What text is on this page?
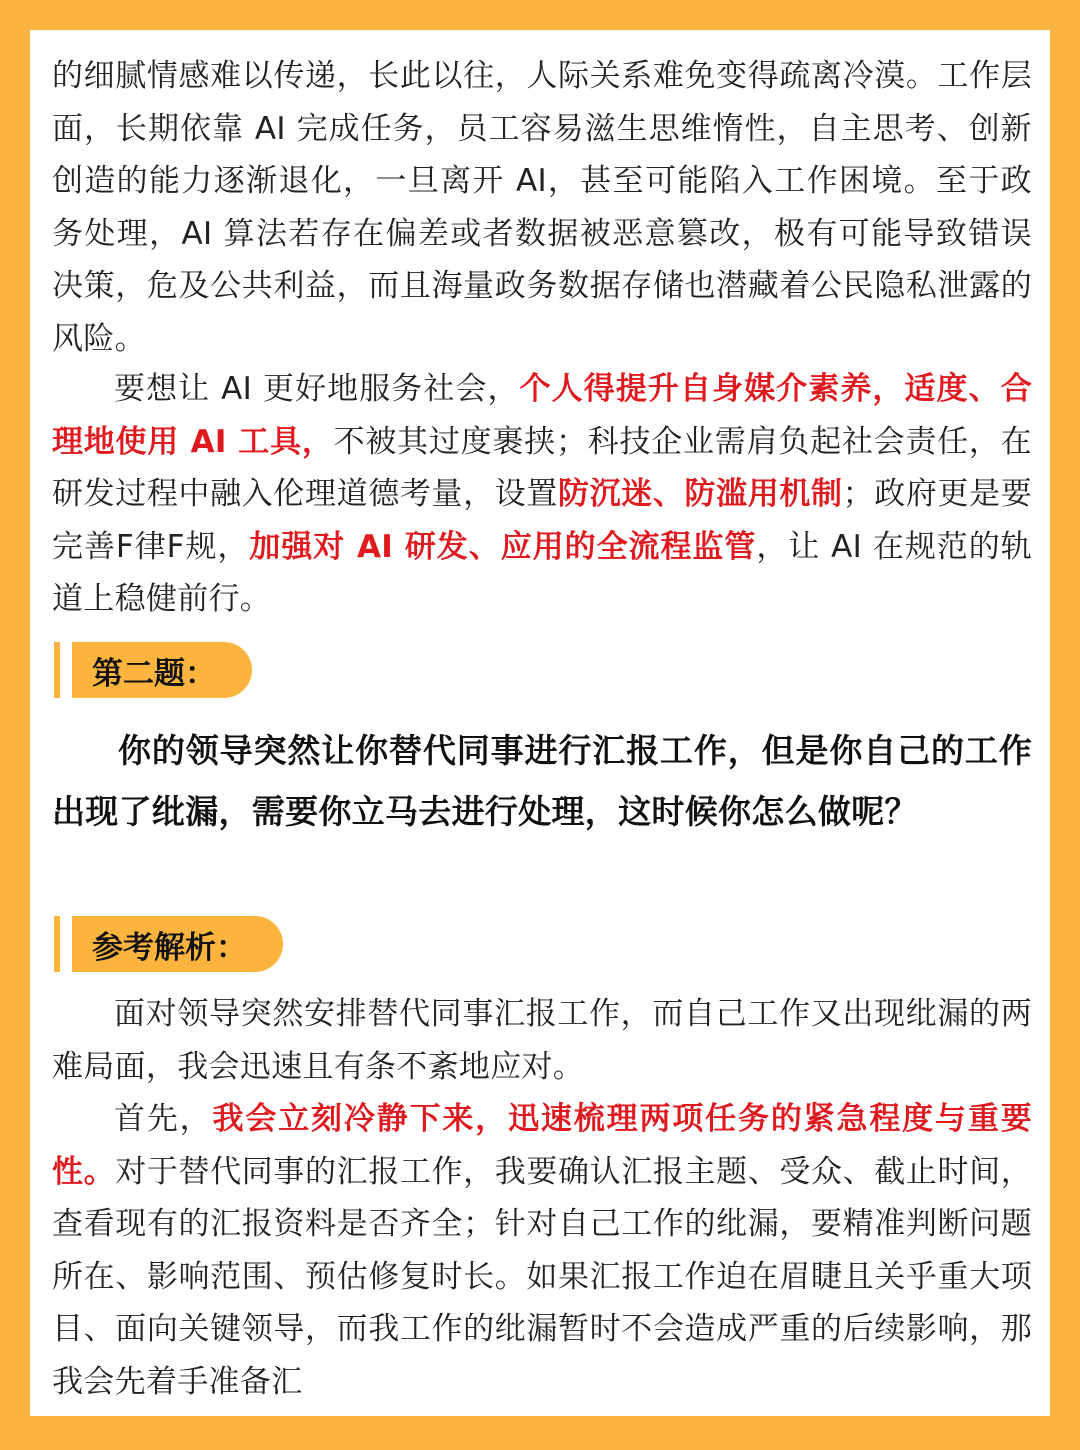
的细腻情感难以传递，长此以往，人际关系难免变得疏离冷漠。工作层面，长期依靠 AI 完成任务，员工容易滋生思维惰性，自主思考、创新创造的能力逐渐退化，一旦离开 AI，甚至可能陷入工作困境。至于政务处理，AI 算法若存在偏差或者数据被恶意篡改，极有可能导致错误决策，危及公共利益，而且海量政务数据存储也潜藏着公民隐私泄露的风险。

要想让 AI 更好地服务社会，个人得提升自身媒介素养，适度、合理地使用 AI 工具，不被其过度裹挟；科技企业需肩负起社会责任，在研发过程中融入伦理道德考量，设置防沉迷、防滥用机制；政府更是要完善F律F规，加强对 AI 研发、应用的全流程监管，让 AI 在规范的轨道上稳健前行。

第二题：

你的领导突然让你替代同事进行汇报工作，但是你自己的工作出现了纰漏，需要你立马去进行处理，这时候你怎么做呢？

参考解析：

面对领导突然安排替代同事汇报工作，而自己工作又出现纰漏的两难局面，我会迅速且有条不紊地应对。

首先，我会立刻冷静下来，迅速梳理两项任务的紧急程度与重要性。对于替代同事的汇报工作，我要确认汇报主题、受众、截止时间，查看现有的汇报资料是否齐全；针对自己工作的纰漏，要精准判断问题所在、影响范围、预估修复时长。如果汇报工作迫在眉睫且关乎重大项目、面向关键领导，而我工作的纰漏暂时不会造成严重的后续影响，那我会先着手准备汇
